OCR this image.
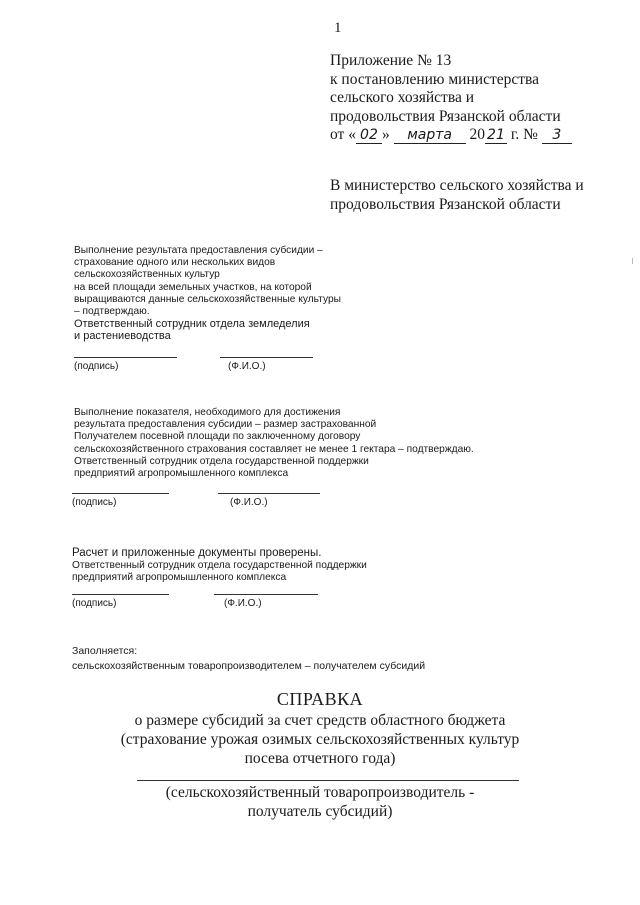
1
Приложение № 13
к постановлению министерства
сельского хозяйства и
продовольствия Рязанской области
от « 02 » марта 20 21 г. № 3
В министерство сельского хозяйства и
продовольствия Рязанской области
Выполнение результата предоставления субсидии –
страхование одного или нескольких видов
сельскохозяйственных культур
на всей площади земельных участков, на которой
выращиваются данные сельскохозяйственные культуры
– подтверждаю.
Ответственный сотрудник отдела земледелия
и растениеводства
(подпись)	(Ф.И.О.)
Выполнение показателя, необходимого для достижения
результата предоставления субсидии – размер застрахованной
Получателем посевной площади по заключенному договору
сельскохозяйственного страхования составляет не менее 1 гектара – подтверждаю.
Ответственный сотрудник отдела государственной поддержки
предприятий агропромышленного комплекса
(подпись)	(Ф.И.О.)
Расчет и приложенные документы проверены.
Ответственный сотрудник отдела государственной поддержки
предприятий агропромышленного комплекса
(подпись)	(Ф.И.О.)
Заполняется:
сельскохозяйственным товаропроизводителем – получателем субсидий
СПРАВКА
о размере субсидий за счет средств областного бюджета
(страхование урожая озимых сельскохозяйственных культур
посева отчетного года)
(сельскохозяйственный товаропроизводитель -
получатель субсидий)
